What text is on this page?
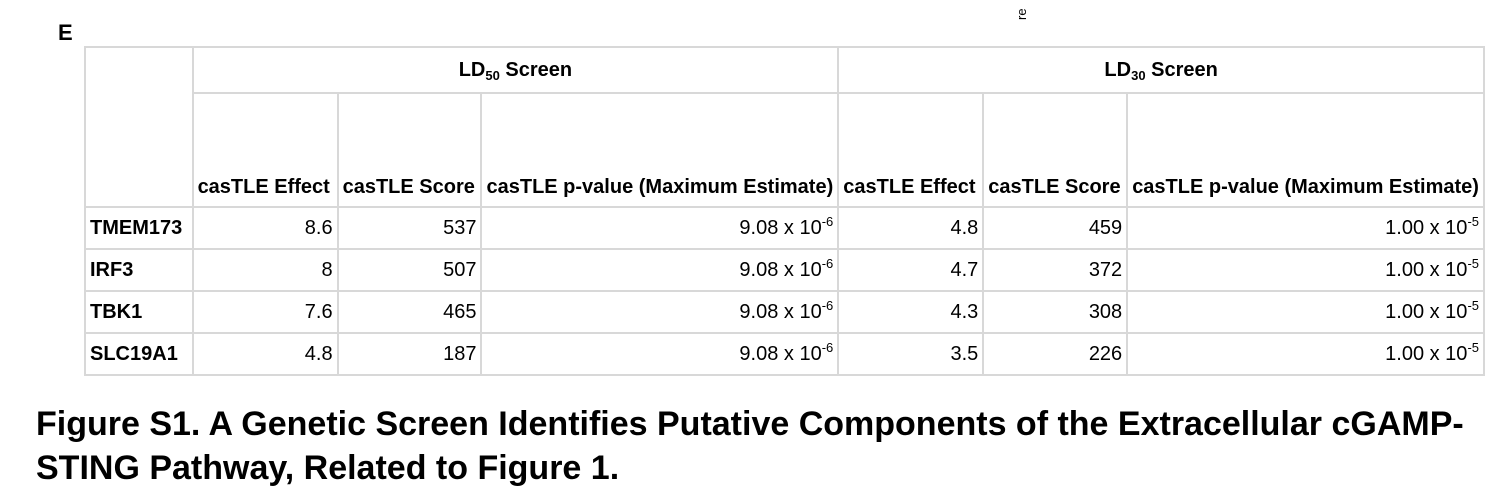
E
re
	$LD_{50}$ Screen			$LD_{30}$ Screen		
	casTLE Effect	casTLE Score	casTLE p-value (Maximum Estimate)	casTLE Effect	casTLE Score	casTLE p-value (Maximum Estimate)
TMEM173	8.6	537	9.08 x $10^{-6}$	4.8	459	1.00 x $10^{-5}$
IRF3	8	507	9.08 x $10^{-6}$	4.7	372	1.00 x $10^{-5}$
TBK1	7.6	465	9.08 x $10^{-6}$	4.3	308	1.00 x $10^{-5}$
SLC19A1	4.8	187	9.08 x $10^{-6}$	3.5	226	1.00 x $10^{-5}$
Figure S1. A Genetic Screen Identifies Putative Components of the Extracellular cGAMP-STING Pathway, Related to Figure 1.
